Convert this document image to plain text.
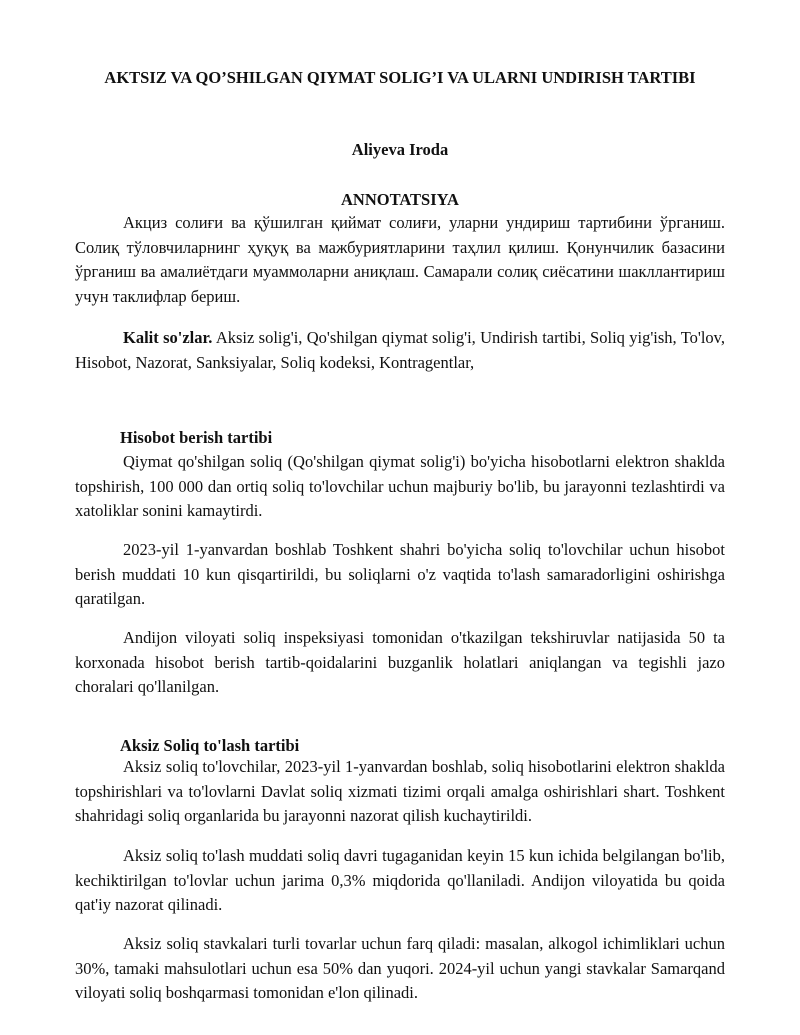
AKTSIZ VA QO’SHILGAN QIYMAT SOLIG’I VA ULARNI UNDIRISH TARTIBI
Aliyeva Iroda
ANNOTATSIYA
Акциз солиғи ва қўшилган қиймат солиғи, уларни ундириш тартибини ўрганиш. Солиқ тўловчиларнинг ҳуқуқ ва мажбуриятларини таҳлил қилиш. Қонунчилик базасини ўрганиш ва амалиётдаги муаммоларни аниқлаш. Самарали солиқ сиёсатини шакллантириш учун таклифлар бериш.
Kalit so'zlar. Aksiz solig'i, Qo'shilgan qiymat solig'i, Undirish tartibi, Soliq yig'ish, To'lov, Hisobot, Nazorat, Sanksiyalar, Soliq kodeksi, Kontragentlar,
Hisobot berish tartibi
Qiymat qo'shilgan soliq (Qo'shilgan qiymat solig'i) bo'yicha hisobotlarni elektron shaklda topshirish, 100 000 dan ortiq soliq to'lovchilar uchun majburiy bo'lib, bu jarayonni tezlashtirdi va xatoliklar sonini kamaytirdi.
2023-yil 1-yanvardan boshlab Toshkent shahri bo'yicha soliq to'lovchilar uchun hisobot berish muddati 10 kun qisqartirildi, bu soliqlarni o'z vaqtida to'lash samaradorligini oshirishga qaratilgan.
Andijon viloyati soliq inspeksiyasi tomonidan o'tkazilgan tekshiruvlar natijasida 50 ta korxonada hisobot berish tartib-qoidalarini buzganlik holatlari aniqlangan va tegishli jazo choralari qo'llanilgan.
Aksiz Soliq to'lash tartibi
Aksiz soliq to'lovchilar, 2023-yil 1-yanvardan boshlab, soliq hisobotlarini elektron shaklda topshirishlari va to'lovlarni Davlat soliq xizmati tizimi orqali amalga oshirishlari shart. Toshkent shahridagi soliq organlarida bu jarayonni nazorat qilish kuchaytirildi.
Aksiz soliq to'lash muddati soliq davri tugaganidan keyin 15 kun ichida belgilangan bo'lib, kechiktirilgan to'lovlar uchun jarima 0,3% miqdorida qo'llaniladi. Andijon viloyatida bu qoida qat'iy nazorat qilinadi.
Aksiz soliq stavkalari turli tovarlar uchun farq qiladi: masalan, alkogol ichimliklari uchun 30%, tamaki mahsulotlari uchun esa 50% dan yuqori. 2024-yil uchun yangi stavkalar Samarqand viloyati soliq boshqarmasi tomonidan e'lon qilinadi.
